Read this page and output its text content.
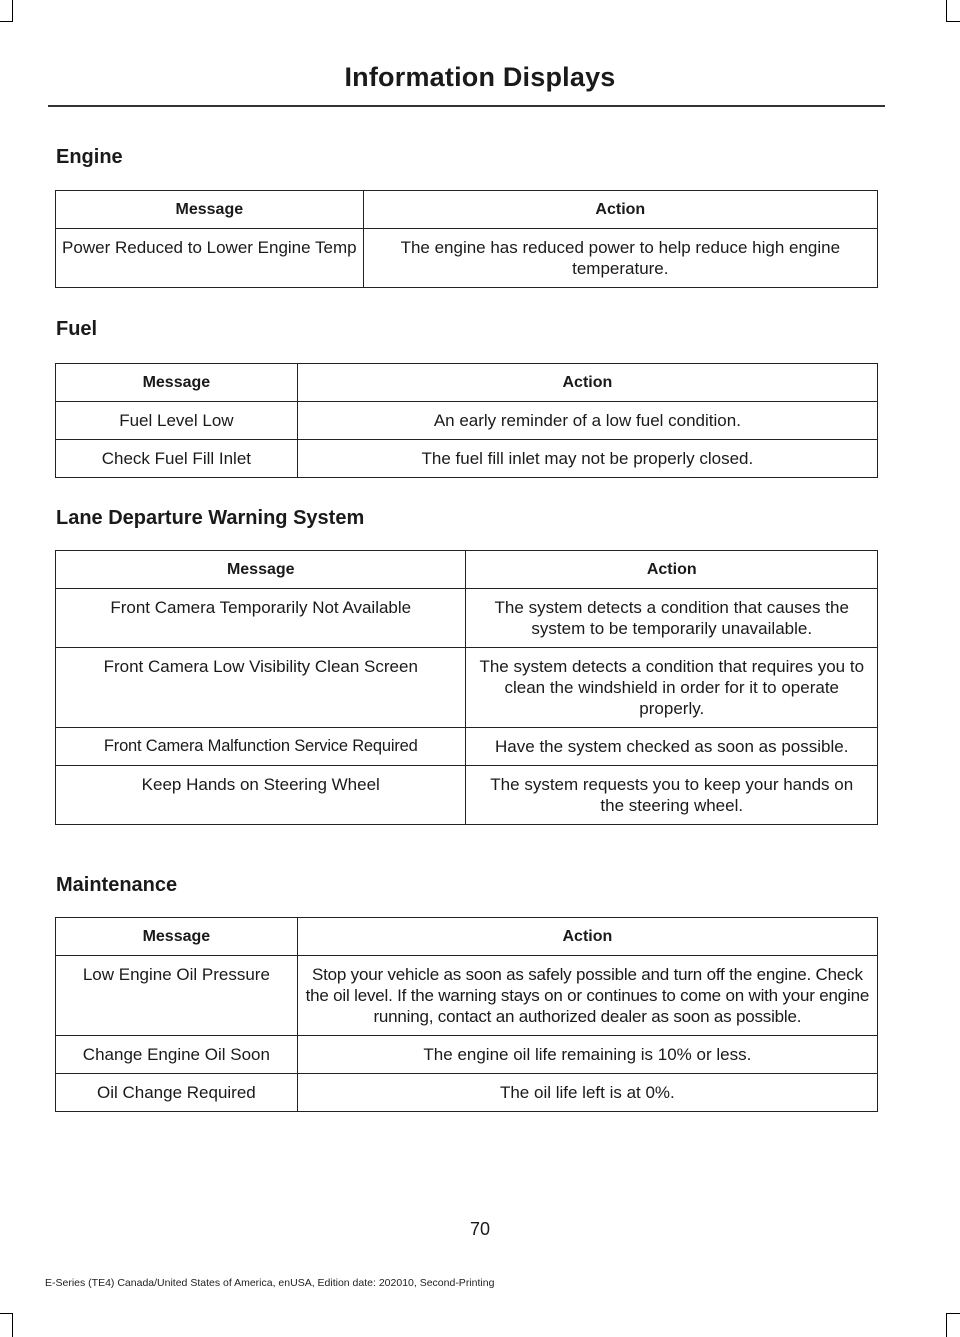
Information Displays
Engine
Message	Action
Power Reduced to Lower Engine Temp	The engine has reduced power to help reduce high engine temperature.
Fuel
Message	Action
Fuel Level Low	An early reminder of a low fuel condition.
Check Fuel Fill Inlet	The fuel fill inlet may not be properly closed.
Lane Departure Warning System
Message	Action
Front Camera Temporarily Not Available	The system detects a condition that causes the system to be temporarily unavailable.
Front Camera Low Visibility Clean Screen	The system detects a condition that requires you to clean the windshield in order for it to operate properly.
Front Camera Malfunction Service Required	Have the system checked as soon as possible.
Keep Hands on Steering Wheel	The system requests you to keep your hands on the steering wheel.
Maintenance
Message	Action
Low Engine Oil Pressure	Stop your vehicle as soon as safely possible and turn off the engine. Check the oil level. If the warning stays on or continues to come on with your engine running, contact an authorized dealer as soon as possible.
Change Engine Oil Soon	The engine oil life remaining is 10% or less.
Oil Change Required	The oil life left is at 0%.
70
E-Series (TE4) Canada/United States of America, enUSA, Edition date: 202010, Second-Printing
